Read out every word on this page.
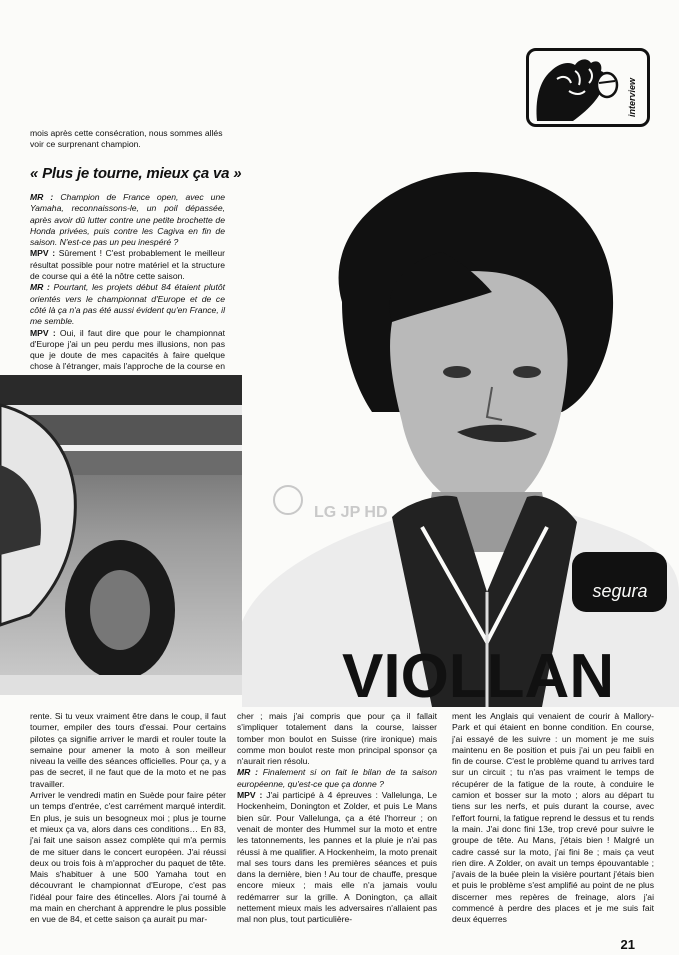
interview

mois après cette consécration, nous sommes allés voir ce surprenant champion.

« Plus je tourne, mieux ça va »

MR : Champion de France open, avec une Yamaha, reconnaissons-le, un poil dépassée, après avoir dû lutter contre une petite brochette de Honda privées, puis contre les Cagiva en fin de saison. N'est-ce pas un peu inespéré ?

MPV : Sûrement ! C'est probablement le meilleur résultat possible pour notre matériel et la structure de course qui a été la nôtre cette saison.

MR : Pourtant, les projets début 84 étaient plutôt orientés vers le championnat d'Europe et de ce côté là ça n'a pas été aussi évident qu'en France, il me semble.

MPV : Oui, il faut dire que pour le championnat d'Europe j'ai un peu perdu mes illusions, non pas que je doute de mes capacités à faire quelque chose à l'étranger, mais l'approche de la course en

segura
VIOLLAN
LG JP HD
rente. Si tu veux vraiment être dans le coup, il faut tourner, empiler des tours d'essai. Pour certains pilotes ça signifie arriver le mardi et rouler toute la semaine pour amener la moto à son meilleur niveau la veille des séances officielles. Pour ça, y a pas de secret, il ne faut que de la moto et ne pas travailler.
Arriver le vendredi matin en Suède pour faire péter un temps d'entrée, c'est carrément marqué interdit. En plus, je suis un besogneux moi ; plus je tourne et mieux ça va, alors dans ces conditions… En 83, j'ai fait une saison assez complète qui m'a permis de me situer dans le concert européen. J'ai réussi deux ou trois fois à m'approcher du paquet de tête. Mais s'habituer à une 500 Yamaha tout en découvrant le championnat d'Europe, c'est pas l'idéal pour faire des étincelles. Alors j'ai tourné à ma main en cherchant à apprendre le plus possible en vue de 84, et cette saison ça aurait pu mar-

cher ; mais j'ai compris que pour ça il fallait s'impliquer totalement dans la course, laisser tomber mon boulot en Suisse (rire ironique) mais comme mon boulot reste mon principal sponsor ça n'aurait rien résolu.

MR : Finalement si on fait le bilan de ta saison européenne, qu'est-ce que ça donne ?

MPV : J'ai participé à 4 épreuves : Vallelunga, Le Hockenheim, Donington et Zolder, et puis Le Mans bien sûr. Pour Vallelunga, ça a été l'horreur ; on venait de monter des Hummel sur la moto et entre les tatonnements, les pannes et la pluie je n'ai pas réussi à me qualifier. A Hockenheim, la moto prenait mal ses tours dans les premières séances et puis dans la dernière, bien ! Au tour de chauffe, presque encore mieux ; mais elle n'a jamais voulu redémarrer sur la grille. A Donington, ça allait nettement mieux mais les adversaires n'allaient pas mal non plus, tout particulière-

ment les Anglais qui venaient de courir à Mallory-Park et qui étaient en bonne condition. En course, j'ai essayé de les suivre : un moment je me suis maintenu en 8e position et puis j'ai un peu faibli en fin de course. C'est le problème quand tu arrives tard sur un circuit ; tu n'as pas vraiment le temps de récupérer de la fatigue de la route, à conduire le camion et bosser sur la moto ; alors au départ tu tiens sur les nerfs, et puis durant la course, avec l'effort fourni, la fatigue reprend le dessus et tu rends la main. J'ai donc fini 13e, trop crevé pour suivre le groupe de tête. Au Mans, j'étais bien ! Malgré un cadre cassé sur la moto, j'ai fini 8e ; mais ça veut rien dire. A Zolder, on avait un temps épouvantable ; j'avais de la buée plein la visière pourtant j'étais bien et puis le problème s'est amplifié au point de ne plus discerner mes repères de freinage, alors j'ai commencé à perdre des places et je me suis fait deux équerres
21
